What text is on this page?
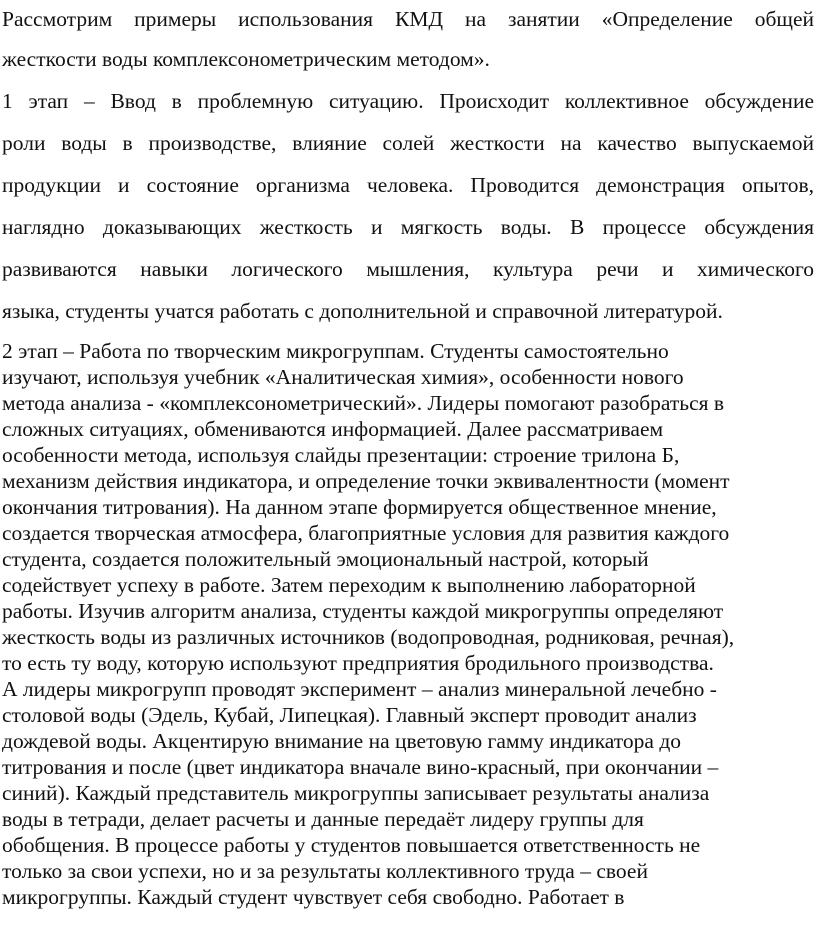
Рассмотрим примеры использования КМД на занятии «Определение общей
жесткости воды комплексонометрическим методом».
1 этап – Ввод в проблемную ситуацию. Происходит коллективное обсуждение
роли воды в производстве, влияние солей жесткости на качество выпускаемой
продукции и состояние организма человека. Проводится демонстрация опытов,
наглядно доказывающих жесткость и мягкость воды. В процессе обсуждения
развиваются навыки логического мышления, культура речи и химического
языка, студенты учатся работать с дополнительной и справочной литературой.
2 этап – Работа по творческим микрогруппам. Студенты самостоятельно
изучают, используя учебник «Аналитическая химия», особенности нового
метода анализа - «комплексонометрический». Лидеры помогают разобраться в
сложных ситуациях, обмениваются информацией. Далее рассматриваем
особенности метода, используя слайды презентации: строение трилона Б,
механизм действия индикатора, и определение точки эквивалентности (момент
окончания титрования). На данном этапе формируется общественное мнение,
создается творческая атмосфера, благоприятные условия для развития каждого
студента, создается положительный эмоциональный настрой, который
содействует успеху в работе. Затем переходим к выполнению лабораторной
работы. Изучив алгоритм анализа, студенты каждой микрогруппы определяют
жесткость воды из различных источников (водопроводная, родниковая, речная),
то есть ту воду, которую используют предприятия бродильного производства.
А лидеры микрогрупп проводят эксперимент – анализ минеральной лечебно -
столовой воды (Эдель, Кубай, Липецкая). Главный эксперт проводит анализ
дождевой воды. Акцентирую внимание на цветовую гамму индикатора до
титрования и после (цвет индикатора вначале вино-красный, при окончании –
синий). Каждый представитель микрогруппы записывает результаты анализа
воды в тетради, делает расчеты и данные передаёт лидеру группы для
обобщения. В процессе работы у студентов повышается ответственность не
только за свои успехи, но и за результаты коллективного труда – своей
микрогруппы. Каждый студент чувствует себя свободно. Работает в
